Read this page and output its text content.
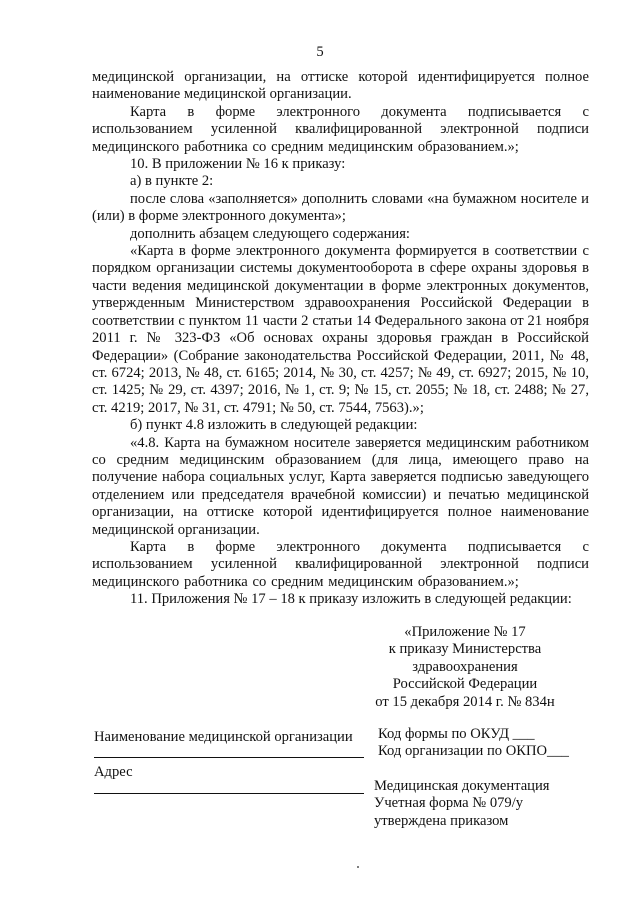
5

медицинской организации, на оттиске которой идентифицируется полное наименование медицинской организации.

Карта в форме электронного документа подписывается с использованием усиленной квалифицированной электронной подписи медицинского работника со средним медицинским образованием.»;

10. В приложении № 16 к приказу:

а) в пункте 2:

после слова «заполняется» дополнить словами «на бумажном носителе и (или) в форме электронного документа»;

дополнить абзацем следующего содержания:

«Карта в форме электронного документа формируется в соответствии с порядком организации системы документооборота в сфере охраны здоровья в части ведения медицинской документации в форме электронных документов, утвержденным Министерством здравоохранения Российской Федерации в соответствии с пунктом 11 части 2 статьи 14 Федерального закона от 21 ноября 2011 г. № 323-ФЗ «Об основах охраны здоровья граждан в Российской Федерации» (Собрание законодательства Российской Федерации, 2011, № 48, ст. 6724; 2013, № 48, ст. 6165; 2014, № 30, ст. 4257; № 49, ст. 6927; 2015, № 10, ст. 1425; № 29, ст. 4397; 2016, № 1, ст. 9; № 15, ст. 2055; № 18, ст. 2488; № 27, ст. 4219; 2017, № 31, ст. 4791; № 50, ст. 7544, 7563).»;

б) пункт 4.8 изложить в следующей редакции:

«4.8. Карта на бумажном носителе заверяется медицинским работником со средним медицинским образованием (для лица, имеющего право на получение набора социальных услуг, Карта заверяется подписью заведующего отделением или председателя врачебной комиссии) и печатью медицинской организации, на оттиске которой идентифицируется полное наименование медицинской организации.

Карта в форме электронного документа подписывается с использованием усиленной квалифицированной электронной подписи медицинского работника со средним медицинским образованием.»;

11. Приложения № 17 – 18 к приказу изложить в следующей редакции:

«Приложение № 17
к приказу Министерства
здравоохранения
Российской Федерации
от 15 декабря 2014 г. № 834н
Наименование медицинской организации
Адрес
Код формы по ОКУД ___
Код организации по ОКПО___
Медицинская документация
Учетная форма № 079/у
утверждена приказом
